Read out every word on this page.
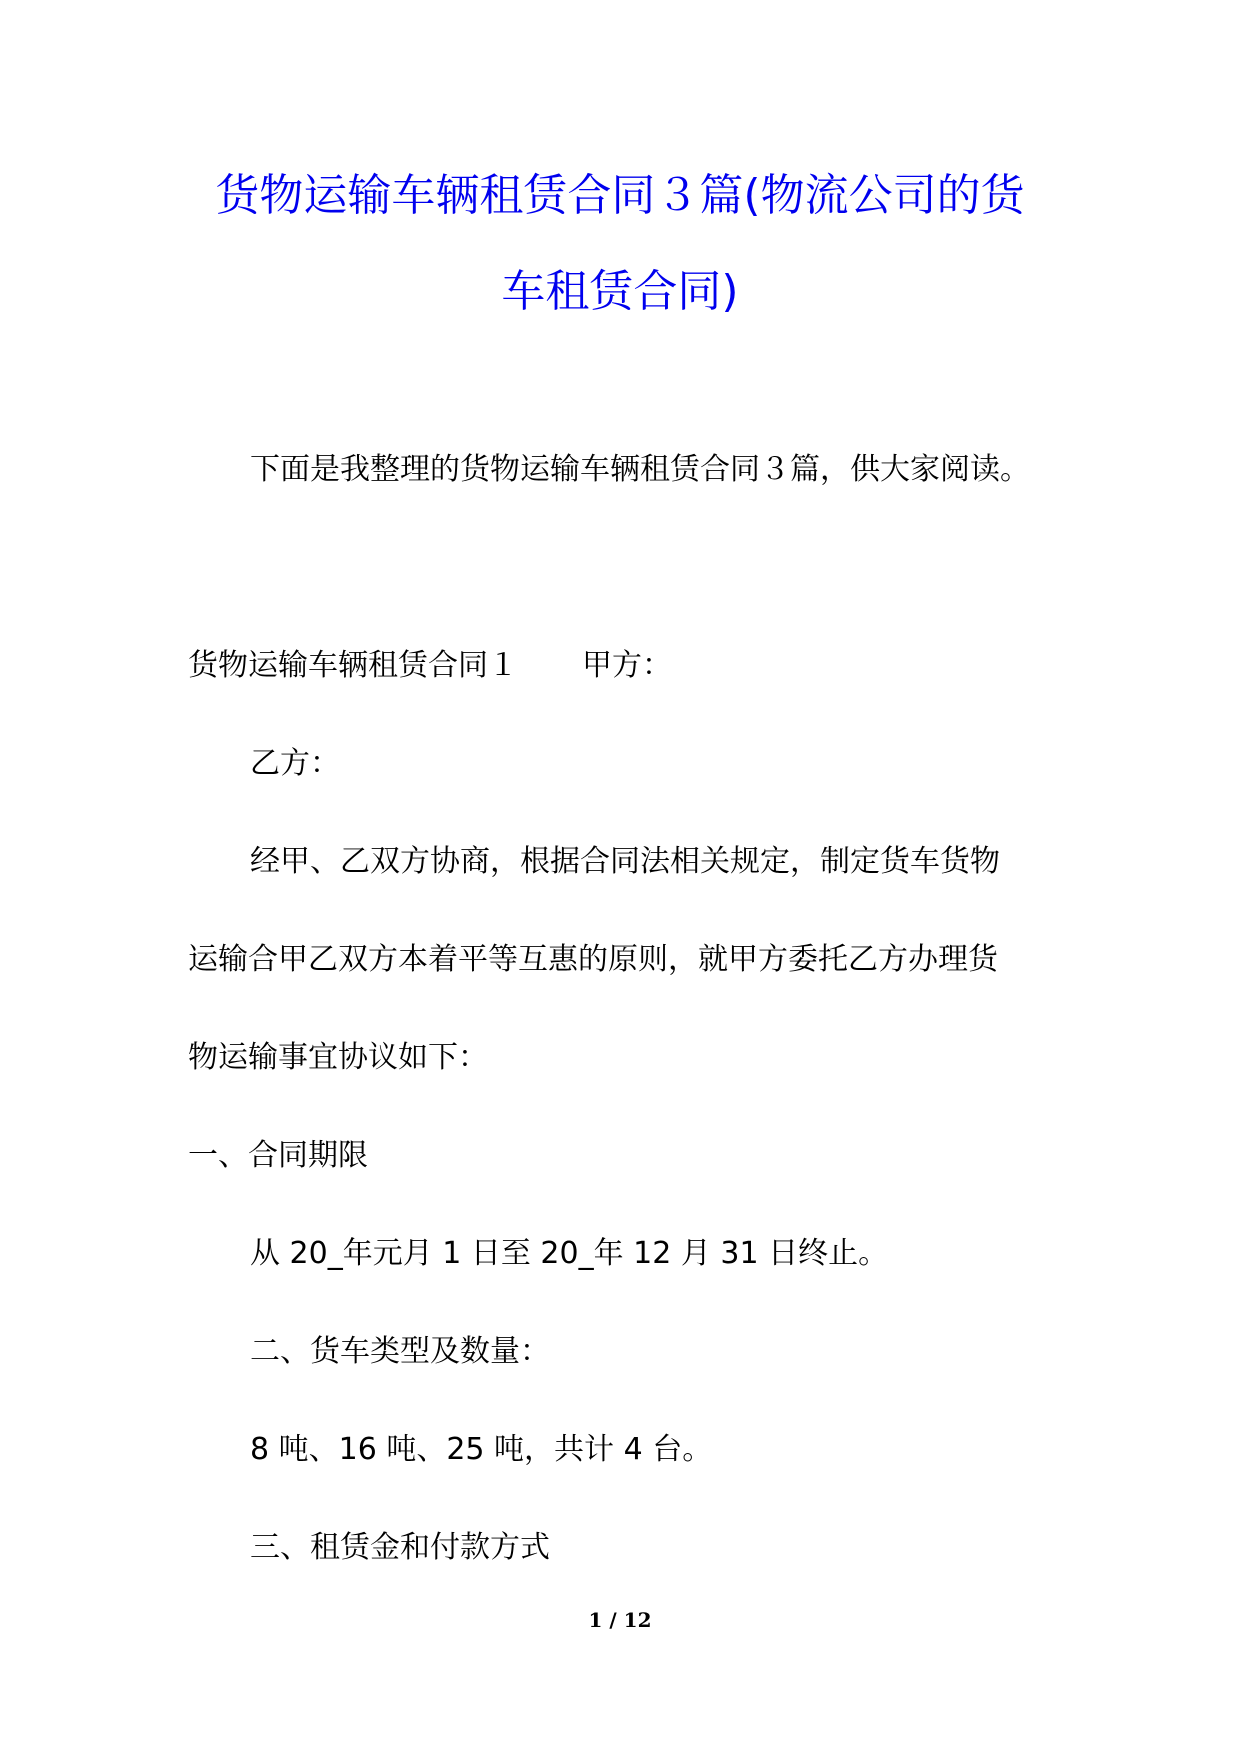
货物运输车辆租赁合同３篇(物流公司的货
车租赁合同)

下面是我整理的货物运输车辆租赁合同３篇，供大家阅读。

货物运输车辆租赁合同１ 甲方：

乙方：

经甲、乙双方协商，根据合同法相关规定，制定货车货物

运输合甲乙双方本着平等互惠的原则，就甲方委托乙方办理货

物运输事宜协议如下：

一、合同期限

从 20_年元月 1 日至 20_年 12 月 31 日终止。

二、货车类型及数量：

8 吨、16 吨、25 吨，共计 4 台。

三、租赁金和付款方式

1 / 12
